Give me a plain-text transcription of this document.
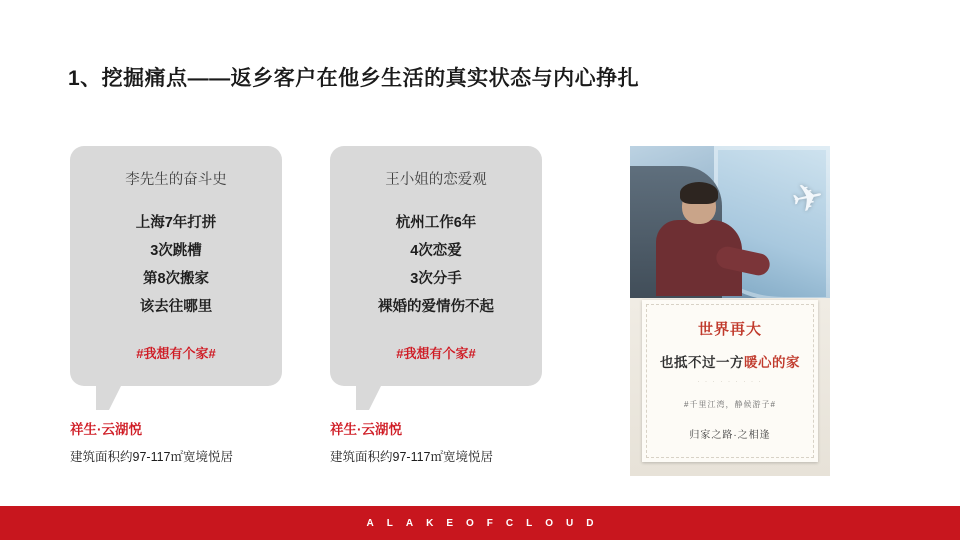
1、挖掘痛点——返乡客户在他乡生活的真实状态与内心挣扎
李先生的奋斗史
上海7年打拼
3次跳槽
第8次搬家
该去往哪里
#我想有个家#
王小姐的恋爱观
杭州工作6年
4次恋爱
3次分手
裸婚的爱情伤不起
#我想有个家#
祥生·云湖悦
建筑面积约97-117㎡宽境悦居
祥生·云湖悦
建筑面积约97-117㎡宽境悦居
世界再大
也抵不过一方暖心的家
· · · · · · · · ·
#千里江湾，静候游子#
归家之路·之相逢
ALAKEOFCLOUD
